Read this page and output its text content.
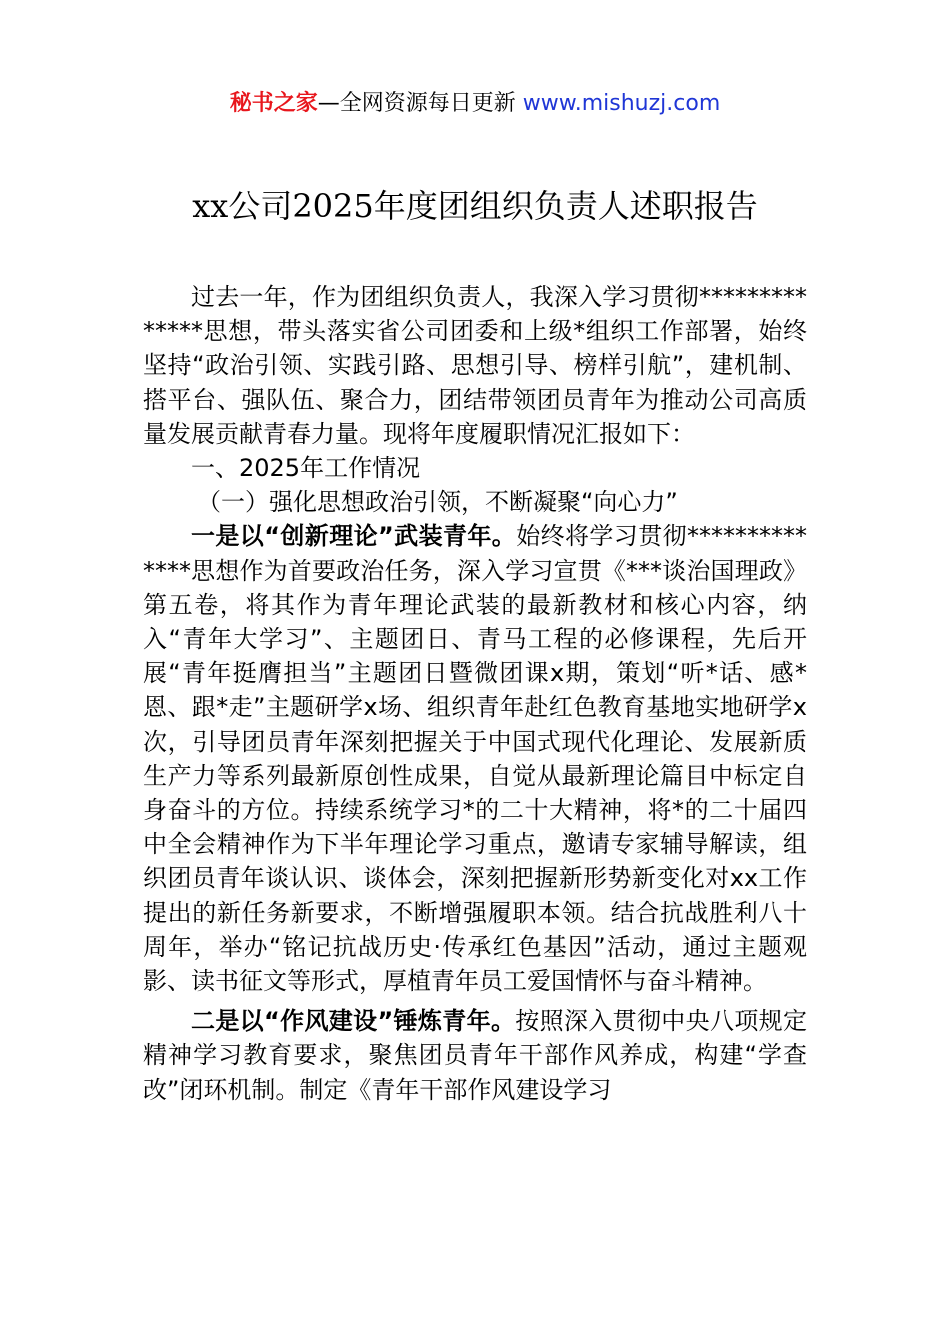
秘书之家—全网资源每日更新 www.mishuzj.com
xx公司2025年度团组织负责人述职报告

过去一年，作为团组织负责人，我深入学习贯彻**************思想，带头落实省公司团委和上级*组织工作部署，始终坚持“政治引领、实践引路、思想引导、榜样引航”，建机制、搭平台、强队伍、聚合力，团结带领团员青年为推动公司高质量发展贡献青春力量。现将年度履职情况汇报如下：

一、2025年工作情况

（一）强化思想政治引领，不断凝聚“向心力”

一是以“创新理论”武装青年。始终将学习贯彻**************思想作为首要政治任务，深入学习宣贯《***谈治国理政》第五卷，将其作为青年理论武装的最新教材和核心内容，纳入“青年大学习”、主题团日、青马工程的必修课程，先后开展“青年挺膺担当”主题团日暨微团课x期，策划“听*话、感*恩、跟*走”主题研学x场、组织青年赴红色教育基地实地研学x次，引导团员青年深刻把握关于中国式现代化理论、发展新质生产力等系列最新原创性成果，自觉从最新理论篇目中标定自身奋斗的方位。持续系统学习*的二十大精神，将*的二十届四中全会精神作为下半年理论学习重点，邀请专家辅导解读，组织团员青年谈认识、谈体会，深刻把握新形势新变化对xx工作提出的新任务新要求，不断增强履职本领。结合抗战胜利八十周年，举办“铭记抗战历史·传承红色基因”活动，通过主题观影、读书征文等形式，厚植青年员工爱国情怀与奋斗精神。

二是以“作风建设”锤炼青年。按照深入贯彻中央八项规定精神学习教育要求，聚焦团员青年干部作风养成，构建“学查改”闭环机制。制定《青年干部作风建设学习
